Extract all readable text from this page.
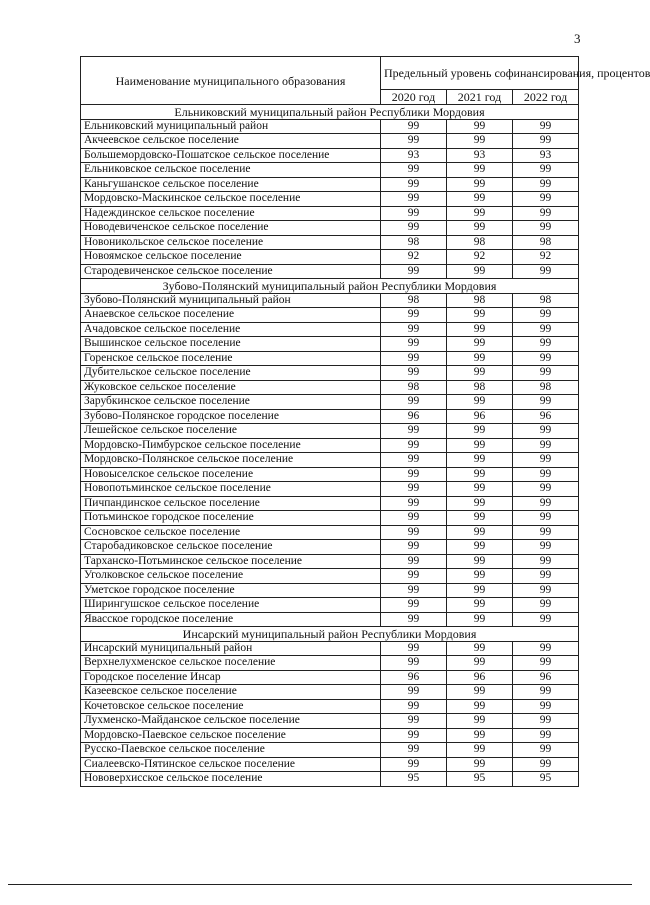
3
Наименование муниципального образования	Предельный уровень софинансирования, процентов		
	2020 год	2021 год	2022 год
Ельниковский муниципальный район Республики Мордовия			
Ельниковский муниципальный район	99	99	99
Акчеевское сельское поселение	99	99	99
Большемордовско-Пошатское сельское поселение	93	93	93
Ельниковское сельское поселение	99	99	99
Каньгушанское сельское поселение	99	99	99
Мордовско-Маскинское сельское поселение	99	99	99
Надеждинское сельское поселение	99	99	99
Новодевиченское сельское поселение	99	99	99
Новоникольское сельское поселение	98	98	98
Новоямское сельское поселение	92	92	92
Стародевиченское сельское поселение	99	99	99
Зубово-Полянский муниципальный район Республики Мордовия			
Зубово-Полянский муниципальный район	98	98	98
Анаевское сельское поселение	99	99	99
Ачадовское сельское поселение	99	99	99
Вышинское сельское поселение	99	99	99
Горенское сельское поселение	99	99	99
Дубительское сельское поселение	99	99	99
Жуковское сельское поселение	98	98	98
Зарубкинское сельское поселение	99	99	99
Зубово-Полянское городское поселение	96	96	96
Лешейское сельское поселение	99	99	99
Мордовско-Пимбурское сельское поселение	99	99	99
Мордовско-Полянское сельское поселение	99	99	99
Новоыселское сельское поселение	99	99	99
Новопотьминское сельское поселение	99	99	99
Пичпандинское сельское поселение	99	99	99
Потьминское городское поселение	99	99	99
Сосновское сельское поселение	99	99	99
Старобадиковское сельское поселение	99	99	99
Тарханско-Потьминское сельское поселение	99	99	99
Уголковское сельское поселение	99	99	99
Уметское городское поселение	99	99	99
Ширингушское сельское поселение	99	99	99
Явасское городское поселение	99	99	99
Инсарский муниципальный район Республики Мордовия			
Инсарский муниципальный район	99	99	99
Верхнелухменское сельское поселение	99	99	99
Городское поселение Инсар	96	96	96
Казеевское сельское поселение	99	99	99
Кочетовское сельское поселение	99	99	99
Лухменско-Майданское сельское поселение	99	99	99
Мордовско-Паевское сельское поселение	99	99	99
Русско-Паевское сельское поселение	99	99	99
Сиалеевско-Пятинское сельское поселение	99	99	99
Нововерхисское сельское поселение	95	95	95
